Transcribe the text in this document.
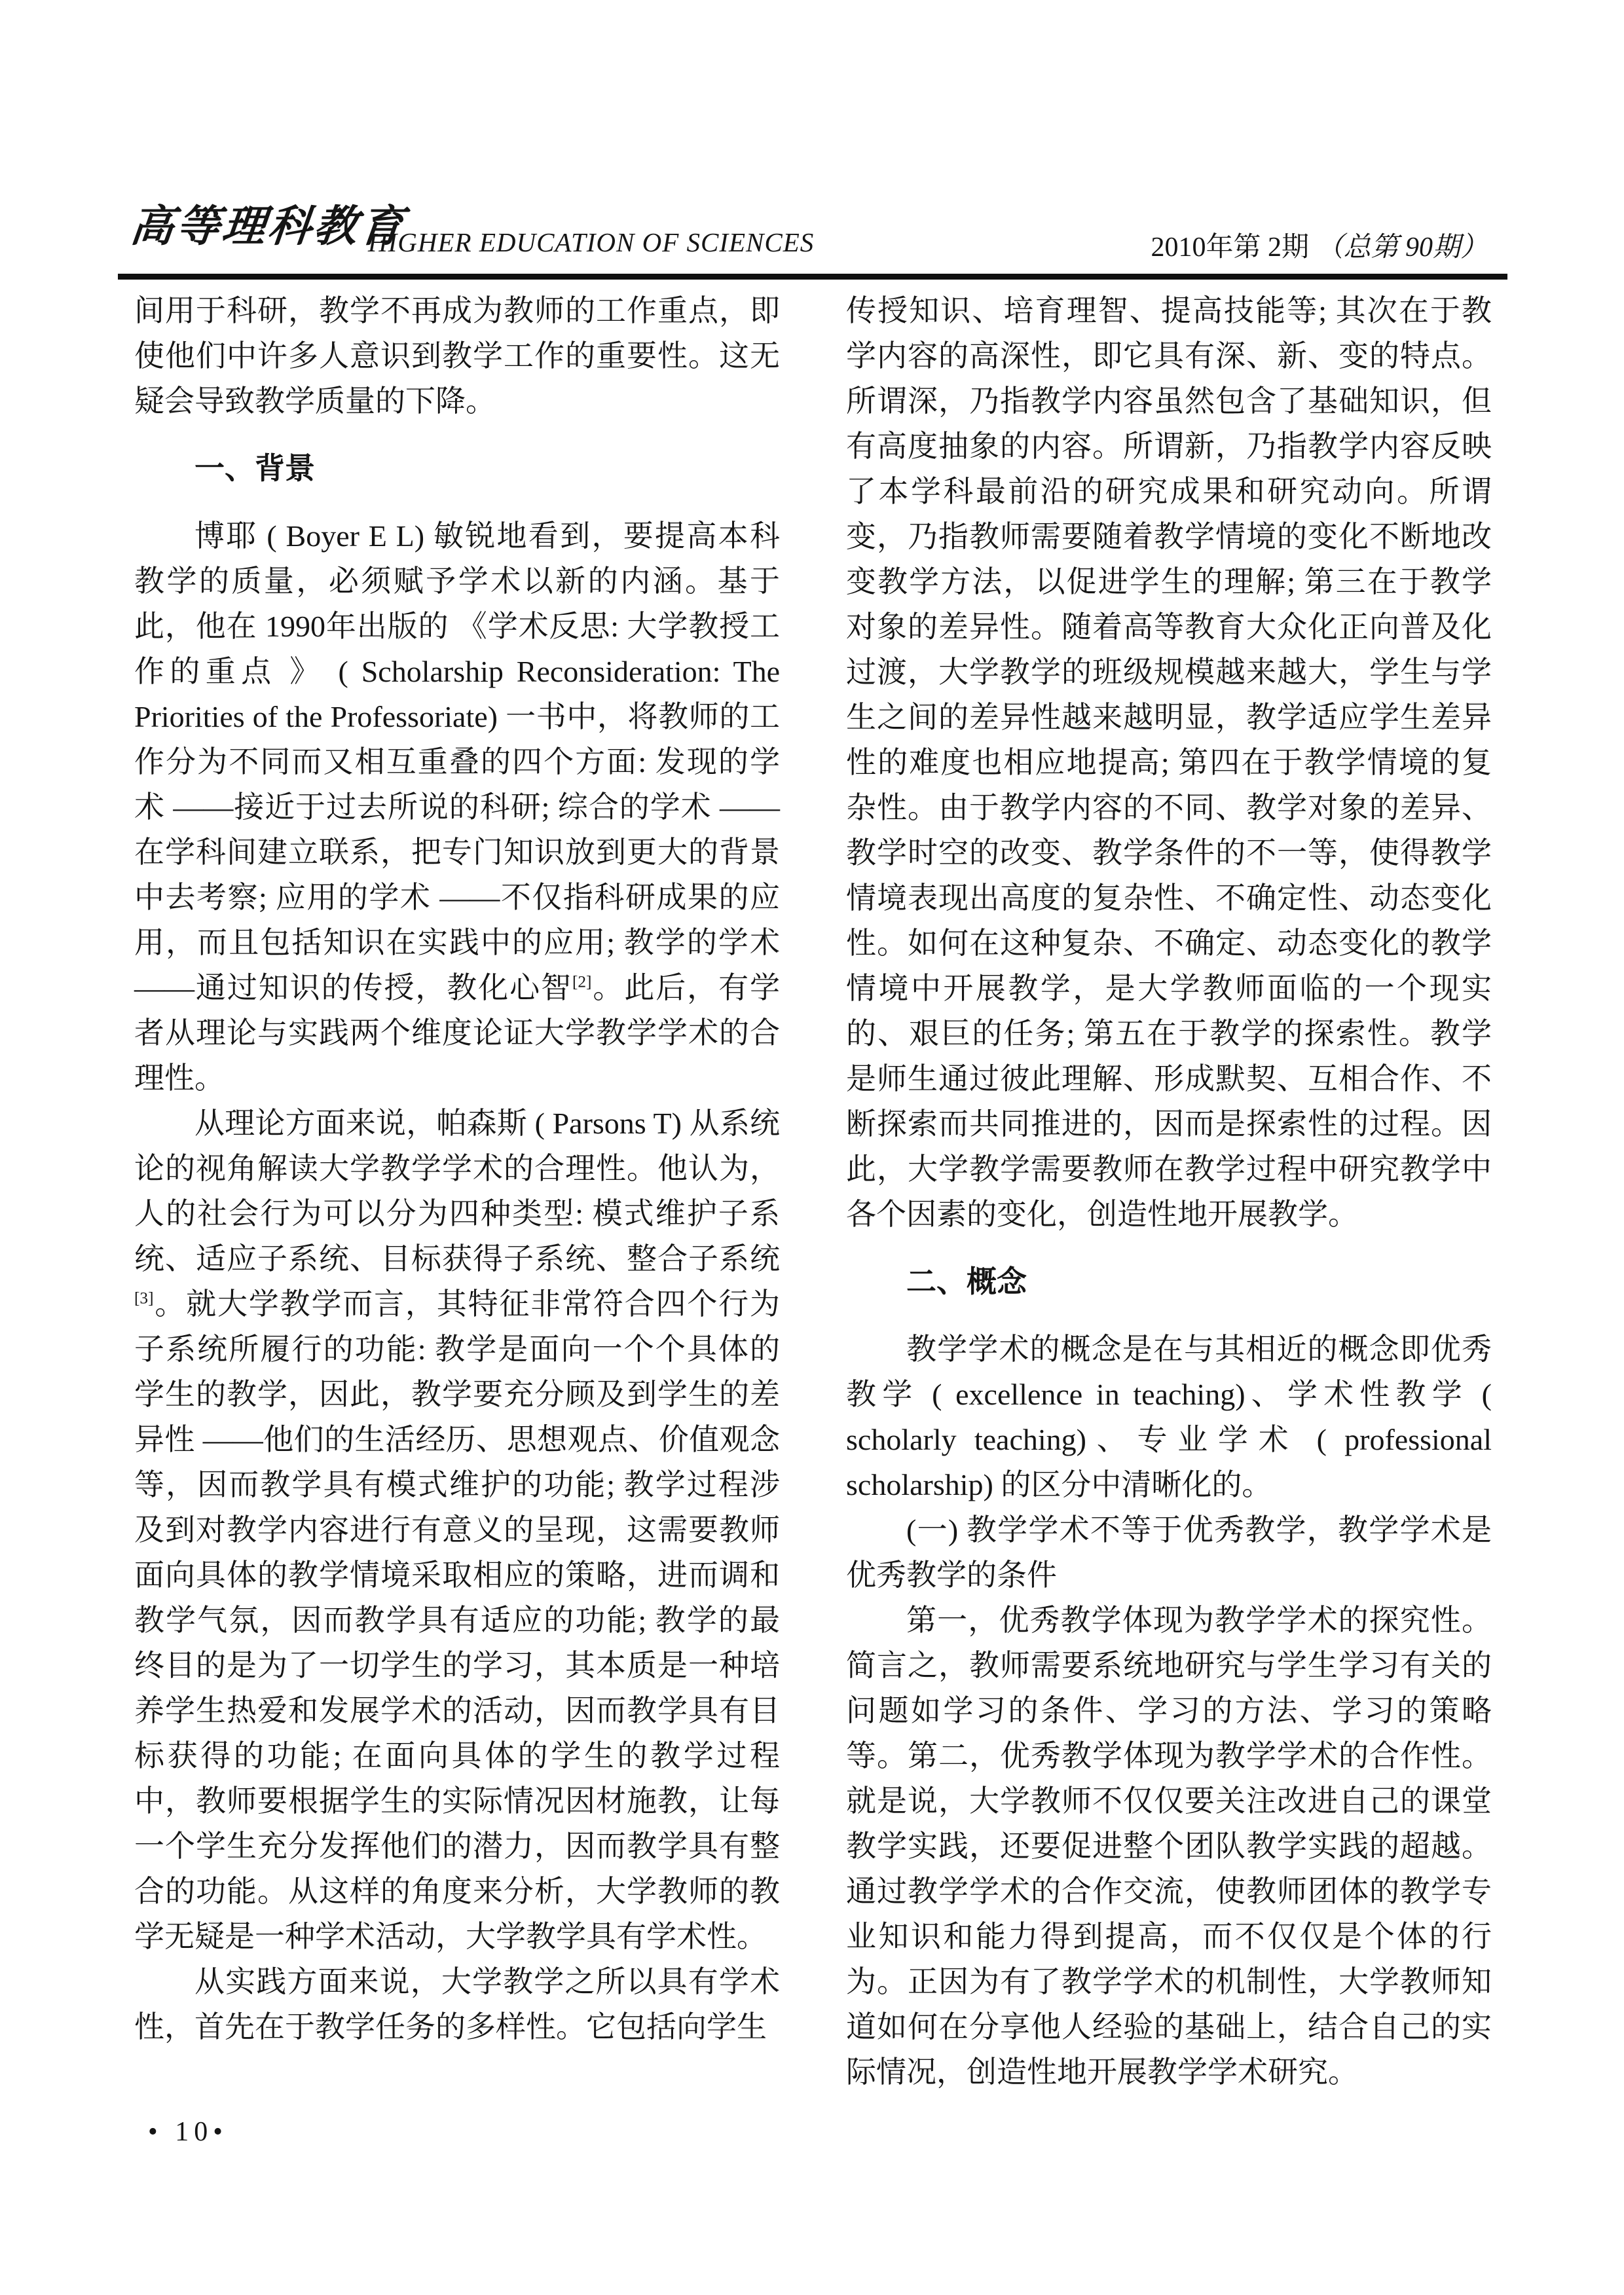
高等理科教育
HIGHER EDUCATION OF SCIENCES	2010年第 2期 （总第 90期）

间用于科研，教学不再成为教师的工作重点，即使他们中许多人意识到教学工作的重要性。这无疑会导致教学质量的下降。

一、背景

博耶 ( Boyer E L) 敏锐地看到，要提高本科教学的质量，必须赋予学术以新的内涵。基于此，他在 1990年出版的 《学术反思: 大学教授工作的重点 》 ( Scholarship Reconsideration: The Priorities of the Professoriate) 一书中，将教师的工作分为不同而又相互重叠的四个方面: 发现的学术 ——接近于过去所说的科研; 综合的学术 ——在学科间建立联系，把专门知识放到更大的背景中去考察; 应用的学术 ——不仅指科研成果的应用，而且包括知识在实践中的应用; 教学的学术 ——通过知识的传授，教化心智[2]。此后，有学者从理论与实践两个维度论证大学教学学术的合理性。

从理论方面来说，帕森斯 ( Parsons T) 从系统论的视角解读大学教学学术的合理性。他认为，人的社会行为可以分为四种类型: 模式维护子系统、适应子系统、目标获得子系统、整合子系统[3]。就大学教学而言，其特征非常符合四个行为子系统所履行的功能: 教学是面向一个个具体的学生的教学，因此，教学要充分顾及到学生的差异性 ——他们的生活经历、思想观点、价值观念等，因而教学具有模式维护的功能; 教学过程涉及到对教学内容进行有意义的呈现，这需要教师面向具体的教学情境采取相应的策略，进而调和教学气氛，因而教学具有适应的功能; 教学的最终目的是为了一切学生的学习，其本质是一种培养学生热爱和发展学术的活动，因而教学具有目标获得的功能; 在面向具体的学生的教学过程中，教师要根据学生的实际情况因材施教，让每一个学生充分发挥他们的潜力，因而教学具有整合的功能。从这样的角度来分析，大学教师的教学无疑是一种学术活动，大学教学具有学术性。

从实践方面来说，大学教学之所以具有学术性，首先在于教学任务的多样性。它包括向学生

传授知识、培育理智、提高技能等; 其次在于教学内容的高深性，即它具有深、新、变的特点。所谓深，乃指教学内容虽然包含了基础知识，但有高度抽象的内容。所谓新，乃指教学内容反映了本学科最前沿的研究成果和研究动向。所谓变，乃指教师需要随着教学情境的变化不断地改变教学方法，以促进学生的理解; 第三在于教学对象的差异性。随着高等教育大众化正向普及化过渡，大学教学的班级规模越来越大，学生与学生之间的差异性越来越明显，教学适应学生差异性的难度也相应地提高; 第四在于教学情境的复杂性。由于教学内容的不同、教学对象的差异、教学时空的改变、教学条件的不一等，使得教学情境表现出高度的复杂性、不确定性、动态变化性。如何在这种复杂、不确定、动态变化的教学情境中开展教学，是大学教师面临的一个现实的、艰巨的任务; 第五在于教学的探索性。教学是师生通过彼此理解、形成默契、互相合作、不断探索而共同推进的，因而是探索性的过程。因此，大学教学需要教师在教学过程中研究教学中各个因素的变化，创造性地开展教学。

二、概念

教学学术的概念是在与其相近的概念即优秀教学 ( excellence in teaching)、学术性教学 ( scholarly teaching)、专业学术 ( professional scholarship) 的区分中清晰化的。

(一) 教学学术不等于优秀教学，教学学术是优秀教学的条件

第一，优秀教学体现为教学学术的探究性。简言之，教师需要系统地研究与学生学习有关的问题如学习的条件、学习的方法、学习的策略等。第二，优秀教学体现为教学学术的合作性。就是说，大学教师不仅仅要关注改进自己的课堂教学实践，还要促进整个团队教学实践的超越。通过教学学术的合作交流，使教师团体的教学专业知识和能力得到提高，而不仅仅是个体的行为。正因为有了教学学术的机制性，大学教师知道如何在分享他人经验的基础上，结合自己的实际情况，创造性地开展教学学术研究。

• 10•
